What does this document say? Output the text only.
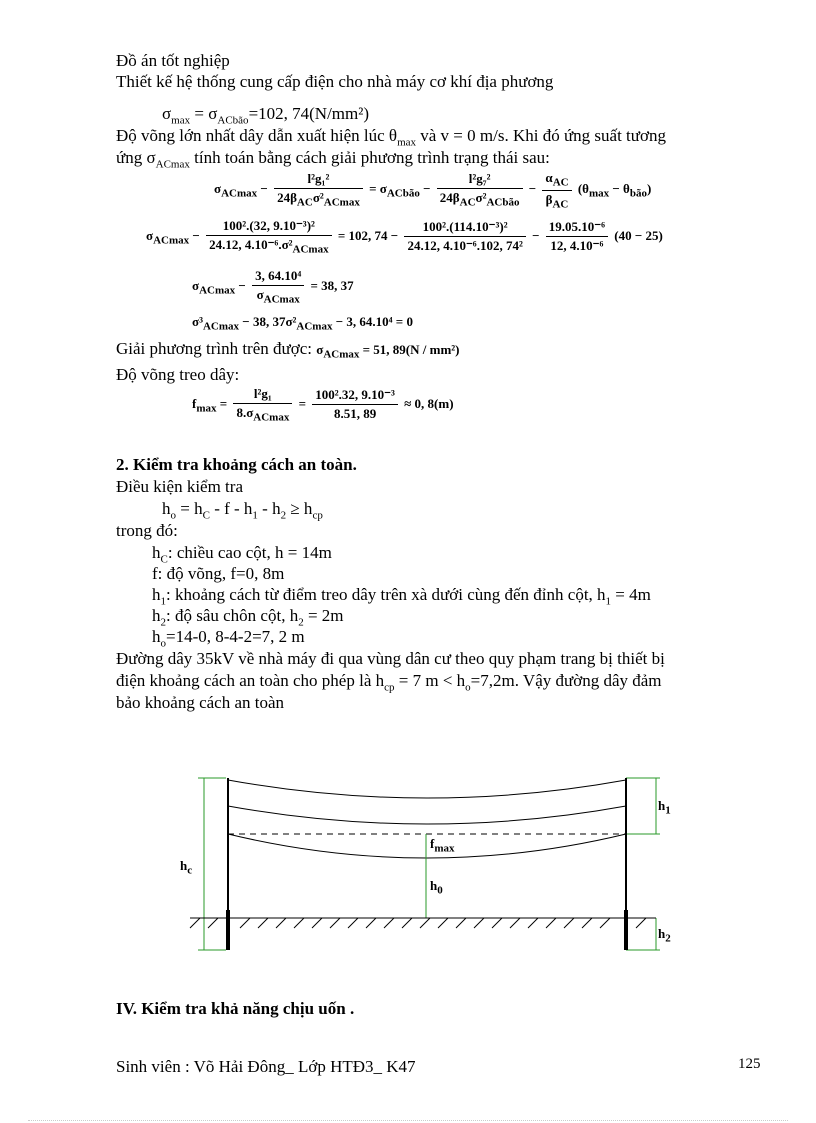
Đồ án tốt nghiệp
Thiết kế hệ thống cung cấp điện cho nhà máy cơ khí địa phương
$\sigma_{max} = \sigma_{ACbão}=102$, 74(N/mm²)
Độ võng lớn nhất dây dẫn xuất hiện lúc $\theta_{max}$ và v = 0 m/s. Khi đó ứng suất tương
ứng $\sigma_{ACmax}$ tính toán bằng cách giải phương trình trạng thái sau:
$\sigma_{ACmax} - \frac{\text{l²g₁²}}{24\beta_{AC}\sigma^2_{ACmax}} = \sigma_{ACbão} - \frac{\text{l²g₇²}}{24\beta_{AC}\sigma^2_{ACbão}} - \frac{\alpha_{AC}}{\beta_{AC}} (\theta_{max} - \theta_{bão})$
$\sigma_{ACmax} - \frac{\text{100².(32, 9.10⁻³)²}}{24.12, 4.10^{-6}.\sigma^2_{ACmax}} = 102$, $74 - \frac{\text{100².(114.10⁻³)²}}{\text{24.12, 4.10⁻⁶.102, 74²}} - \frac{\text{19.05.10⁻⁶}}{\text{12, 4.10⁻⁶}} (40 - 25)$
$\sigma_{ACmax} - \frac{\text{3, 64.10⁴}}{\sigma_{ACmax}} = 38$, 37
$\sigma^3_{ACmax} - 38$, $37\sigma^2_{ACmax} - 3$, 64.10⁴ = 0
Giải phương trình trên được: $\sigma_{ACmax} = 51$, 89(N / mm²)
Độ võng treo dây:
$f_{max} = \frac{\text{l²g₁}}{8.\sigma_{ACmax}} = \frac{\text{100².32, 9.10⁻³}}{8.51, 89} \approx 0$, 8(m)
2. Kiểm tra khoảng cách an toàn.
Điều kiện kiểm tra
$h_o = h_C - f - h_1 - h_2 \ge h_{cp}$
trong đó:
$h_C$: chiều cao cột, h = 14m
f: độ võng, f=0, 8m
$h_1$: khoảng cách từ điểm treo dây trên xà dưới cùng đến đỉnh cột, $h_1 = 4m$
$h_2$: độ sâu chôn cột, $h_2 = 2m$
$h_o=14-0$, 8-4-2=7, 2 m
Đường dây 35kV về nhà máy đi qua vùng dân cư theo quy phạm trang bị thiết bị
điện khoảng cách an toàn cho phép là $h_{cp} = 7$ $m < h_o=7,2m$. Vậy đường dây đảm
bảo khoảng cách an toàn
$h_1$
$h_c$
$f_{max}$
$h_0$
$h_2$
IV. Kiểm tra khả năng chịu uốn .
Sinh viên : Võ Hải Đông_ Lớp HTĐ3_ K47	125
